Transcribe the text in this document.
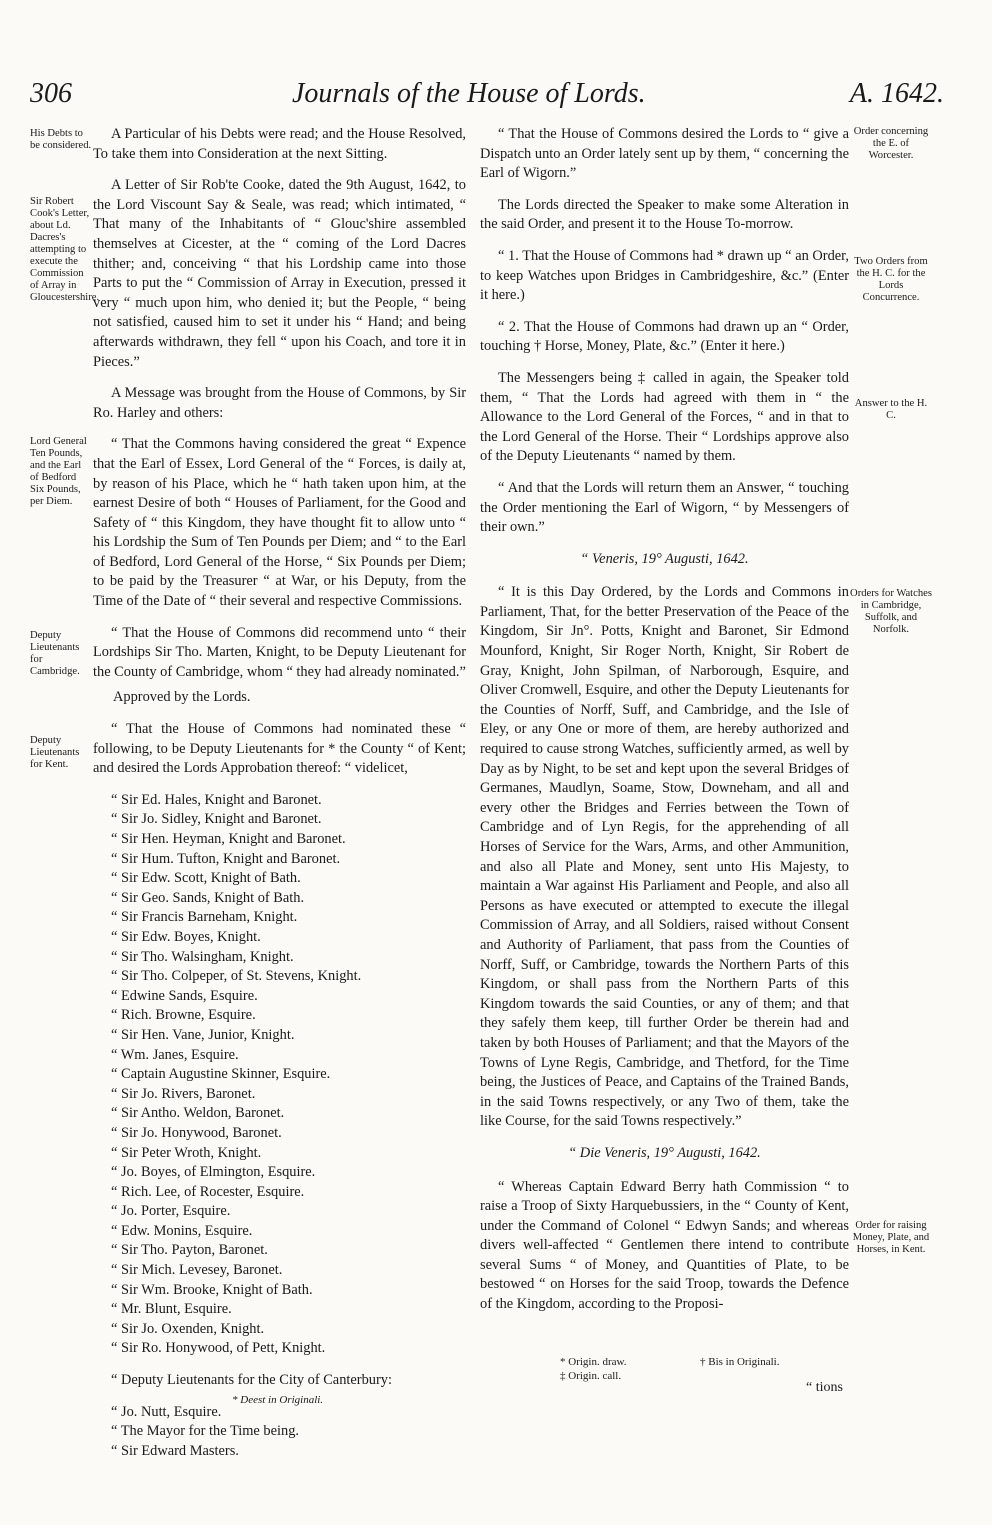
306	Journals of the House of Lords.	A. 1642.
His Debts to be considered.
Sir Robert Cook's Letter, about Ld. Dacres's attempting to execute the Commission of Array in Gloucestershire.
Lord General Ten Pounds, and the Earl of Bedford Six Pounds, per Diem.
Deputy Lieutenants for Cambridge.
Deputy Lieutenants for Kent.
Order concerning the E. of Worcester.
Two Orders from the H. C. for the Lords Concurrence.
Answer to the H. C.
Orders for Watches in Cambridge, Suffolk, and Norfolk.
Order for raising Money, Plate, and Horses, in Kent.

A Particular of his Debts were read; and the House Resolved, To take them into Consideration at the next Sitting.

A Letter of Sir Rob'te Cooke, dated the 9th August, 1642, to the Lord Viscount Say & Seale, was read; which intimated, “ That many of the Inhabitants of “ Glouc'shire assembled themselves at Cicester, at the “ coming of the Lord Dacres thither; and, conceiving “ that his Lordship came into those Parts to put the “ Commission of Array in Execution, pressed it very “ much upon him, who denied it; but the People, “ being not satisfied, caused him to set it under his “ Hand; and being afterwards withdrawn, they fell “ upon his Coach, and tore it in Pieces.”

A Message was brought from the House of Commons, by Sir Ro. Harley and others:

“ That the Commons having considered the great “ Expence that the Earl of Essex, Lord General of the “ Forces, is daily at, by reason of his Place, which he “ hath taken upon him, at the earnest Desire of both “ Houses of Parliament, for the Good and Safety of “ this Kingdom, they have thought fit to allow unto “ his Lordship the Sum of Ten Pounds per Diem; and “ to the Earl of Bedford, Lord General of the Horse, “ Six Pounds per Diem; to be paid by the Treasurer “ at War, or his Deputy, from the Time of the Date of “ their several and respective Commissions.

“ That the House of Commons did recommend unto “ their Lordships Sir Tho. Marten, Knight, to be Deputy Lieutenant for the County of Cambridge, whom “ they had already nominated.”

Approved by the Lords.

“ That the House of Commons had nominated these “ following, to be Deputy Lieutenants for * the County “ of Kent; and desired the Lords Approbation thereof: “ videlicet,

“ Sir Ed. Hales, Knight and Baronet.
“ Sir Jo. Sidley, Knight and Baronet.
“ Sir Hen. Heyman, Knight and Baronet.
“ Sir Hum. Tufton, Knight and Baronet.
“ Sir Edw. Scott, Knight of Bath.
“ Sir Geo. Sands, Knight of Bath.
“ Sir Francis Barneham, Knight.
“ Sir Edw. Boyes, Knight.
“ Sir Tho. Walsingham, Knight.
“ Sir Tho. Colpeper, of St. Stevens, Knight.
“ Edwine Sands, Esquire.
“ Rich. Browne, Esquire.
“ Sir Hen. Vane, Junior, Knight.
“ Wm. Janes, Esquire.
“ Captain Augustine Skinner, Esquire.
“ Sir Jo. Rivers, Baronet.
“ Sir Antho. Weldon, Baronet.
“ Sir Jo. Honywood, Baronet.
“ Sir Peter Wroth, Knight.
“ Jo. Boyes, of Elmington, Esquire.
“ Rich. Lee, of Rocester, Esquire.
“ Jo. Porter, Esquire.
“ Edw. Monins, Esquire.
“ Sir Tho. Payton, Baronet.
“ Sir Mich. Levesey, Baronet.
“ Sir Wm. Brooke, Knight of Bath.
“ Mr. Blunt, Esquire.
“ Sir Jo. Oxenden, Knight.
“ Sir Ro. Honywood, of Pett, Knight.

“ Deputy Lieutenants for the City of Canterbury:

“ Jo. Nutt, Esquire.
“ The Mayor for the Time being.
“ Sir Edward Masters.
* Deest in Originali.

“ That the House of Commons desired the Lords to “ give a Dispatch unto an Order lately sent up by them, “ concerning the Earl of Wigorn.”

The Lords directed the Speaker to make some Alteration in the said Order, and present it to the House To-morrow.

“ 1. That the House of Commons had * drawn up “ an Order, to keep Watches upon Bridges in Cambridgeshire, &c.” (Enter it here.)

“ 2. That the House of Commons had drawn up an “ Order, touching † Horse, Money, Plate, &c.” (Enter it here.)

The Messengers being ‡ called in again, the Speaker told them, “ That the Lords had agreed with them in “ the Allowance to the Lord General of the Forces, “ and in that to the Lord General of the Horse. Their “ Lordships approve also of the Deputy Lieutenants “ named by them.

“ And that the Lords will return them an Answer, “ touching the Order mentioning the Earl of Wigorn, “ by Messengers of their own.”

“ Veneris, 19° Augusti, 1642.

“ It is this Day Ordered, by the Lords and Commons in Parliament, That, for the better Preservation of the Peace of the Kingdom, Sir Jn°. Potts, Knight and Baronet, Sir Edmond Mounford, Knight, Sir Roger North, Knight, Sir Robert de Gray, Knight, John Spilman, of Narborough, Esquire, and Oliver Cromwell, Esquire, and other the Deputy Lieutenants for the Counties of Norff, Suff, and Cambridge, and the Isle of Eley, or any One or more of them, are hereby authorized and required to cause strong Watches, sufficiently armed, as well by Day as by Night, to be set and kept upon the several Bridges of Germanes, Maudlyn, Soame, Stow, Downeham, and all and every other the Bridges and Ferries between the Town of Cambridge and of Lyn Regis, for the apprehending of all Horses of Service for the Wars, Arms, and other Ammunition, and also all Plate and Money, sent unto His Majesty, to maintain a War against His Parliament and People, and also all Persons as have executed or attempted to execute the illegal Commission of Array, and all Soldiers, raised without Consent and Authority of Parliament, that pass from the Counties of Norff, Suff, or Cambridge, towards the Northern Parts of this Kingdom, or shall pass from the Northern Parts of this Kingdom towards the said Counties, or any of them; and that they safely them keep, till further Order be therein had and taken by both Houses of Parliament; and that the Mayors of the Towns of Lyne Regis, Cambridge, and Thetford, for the Time being, the Justices of Peace, and Captains of the Trained Bands, in the said Towns respectively, or any Two of them, take the like Course, for the said Towns respectively.”

“ Die Veneris, 19° Augusti, 1642.

“ Whereas Captain Edward Berry hath Commission “ to raise a Troop of Sixty Harquebussiers, in the “ County of Kent, under the Command of Colonel “ Edwyn Sands; and whereas divers well-affected “ Gentlemen there intend to contribute several Sums “ of Money, and Quantities of Plate, to be bestowed “ on Horses for the said Troop, towards the Defence of the Kingdom, according to the Proposi-

* Origin. draw.
‡ Origin. call.
† Bis in Originali.
“ tions
